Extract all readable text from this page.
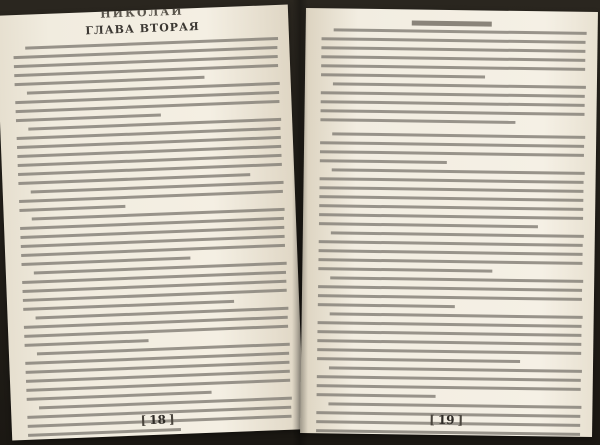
НИКОЛАЙ
ГЛАВА ВТОРАЯ
[ 18 ]	[ 19 ]
